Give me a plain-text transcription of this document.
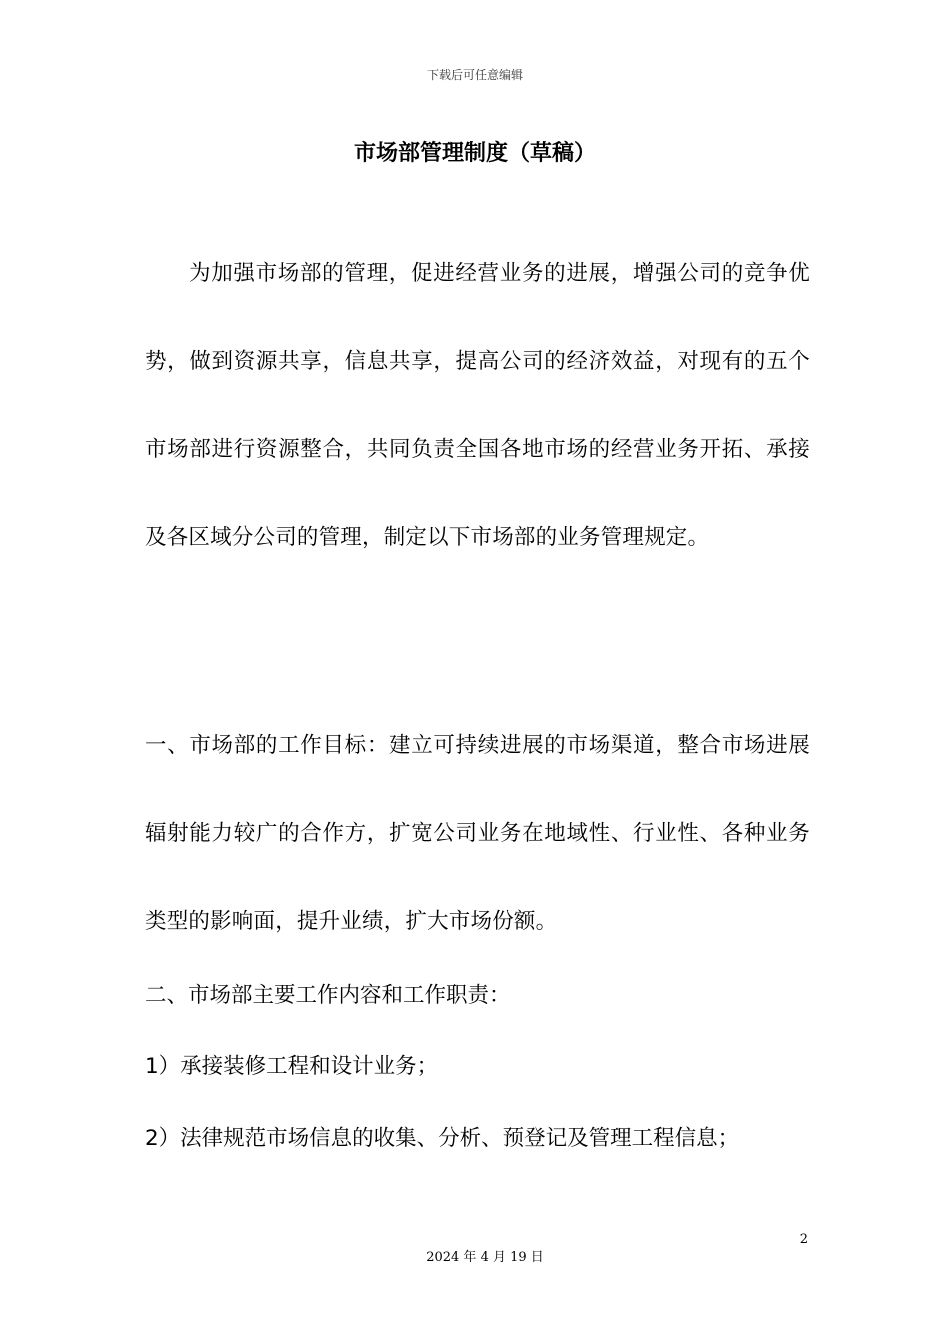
下载后可任意编辑
市场部管理制度（草稿）

为加强市场部的管理，促进经营业务的进展，增强公司的竞争优势，做到资源共享，信息共享，提高公司的经济效益，对现有的五个市场部进行资源整合，共同负责全国各地市场的经营业务开拓、承接及各区域分公司的管理，制定以下市场部的业务管理规定。

一、市场部的工作目标：建立可持续进展的市场渠道，整合市场进展辐射能力较广的合作方，扩宽公司业务在地域性、行业性、各种业务类型的影响面，提升业绩，扩大市场份额。

二、市场部主要工作内容和工作职责：

1）承接装修工程和设计业务；

2）法律规范市场信息的收集、分析、预登记及管理工程信息；

2
2024 年 4 月 19 日
